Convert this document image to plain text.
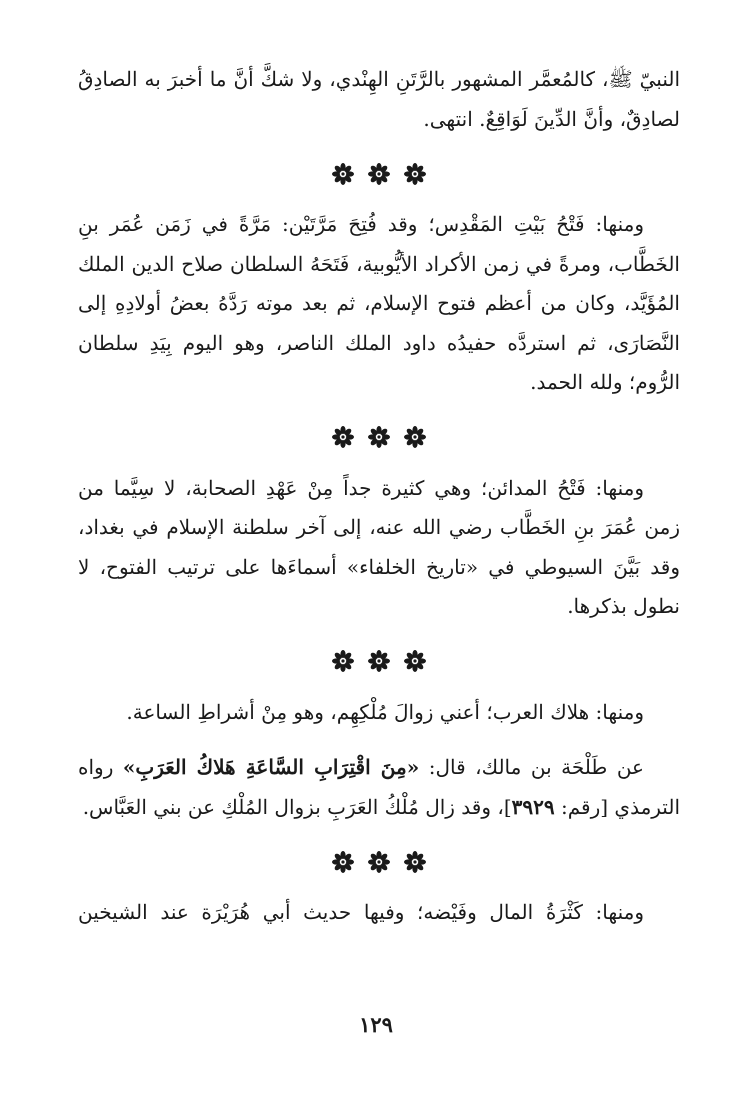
النبيّ ﷺ، كالمُعمَّر المشهور بالرَّتَنِ الهِنْدي، ولا شكَّ أنَّ ما أخبرَ به الصادِقُ لصادِقٌ، وأنَّ الدِّينَ لَوَاقِعٌ. انتهى.

ومنها: فَتْحُ بَيْتِ المَقْدِس؛ وقد فُتِحَ مَرَّتَيْن: مَرَّةً في زَمَن عُمَر بنِ الخَطَّاب، ومرةً في زمن الأكراد الأيُّوبية، فَتَحَهُ السلطان صلاح الدين الملك المُؤَيَّد، وكان من أعظم فتوح الإسلام، ثم بعد موته رَدَّهُ بعضُ أولادِهِ إلى النَّصَارَى، ثم استردَّه حفيدُه داود الملك الناصر، وهو اليوم بِيَدِ سلطان الرُّوم؛ ولله الحمد.

ومنها: فَتْحُ المدائن؛ وهي كثيرة جداً مِنْ عَهْدِ الصحابة، لا سِيَّما من زمن عُمَرَ بنِ الخَطَّاب رضي الله عنه، إلى آخر سلطنة الإسلام في بغداد، وقد بَيَّنَ السيوطي في «تاريخ الخلفاء» أسماءَها على ترتيب الفتوح، لا نطول بذكرها.

ومنها: هلاك العرب؛ أعني زوالَ مُلْكِهِم، وهو مِنْ أشراطِ الساعة.

عن طَلْحَة بن مالك، قال: «مِنَ اقْتِرَابِ السَّاعَةِ هَلاكُ العَرَبِ» رواه الترمذي [رقم: ٣٩٢٩]، وقد زال مُلْكُ العَرَبِ بزوال المُلْكِ عن بني العَبَّاس.

ومنها: كَثْرَةُ المال وفَيْضه؛ وفيها حديث أبي هُرَيْرَة عند الشيخين

١٢٩
